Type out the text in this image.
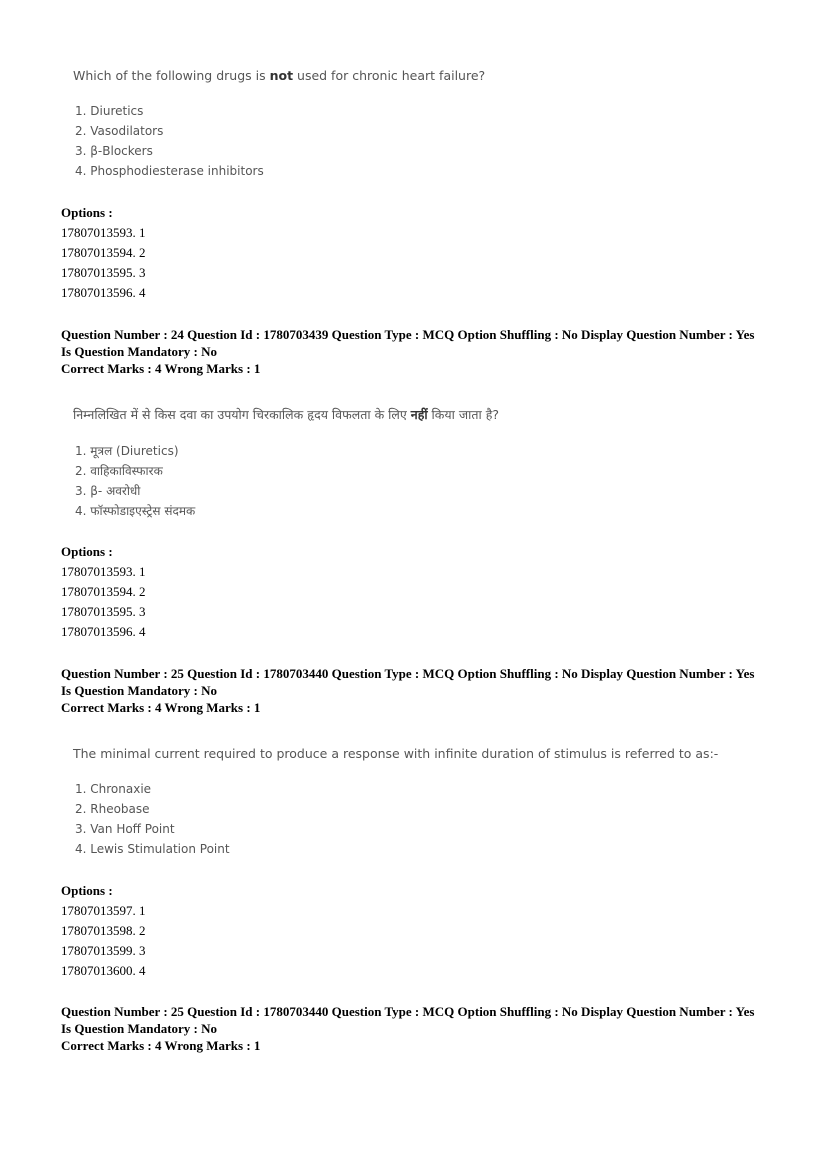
Which of the following drugs is not used for chronic heart failure?
1. Diuretics
2. Vasodilators
3. β-Blockers
4. Phosphodiesterase inhibitors
Options :
17807013593. 1
17807013594. 2
17807013595. 3
17807013596. 4
Question Number : 24 Question Id : 1780703439 Question Type : MCQ Option Shuffling : No Display Question Number : Yes
Is Question Mandatory : No
Correct Marks : 4 Wrong Marks : 1
निम्नलिखित में से किस दवा का उपयोग चिरकालिक हृदय विफलता के लिए नहीं किया जाता है?
1. मूत्रल (Diuretics)
2. वाहिकाविस्फारक
3. β- अवरोधी
4. फॉस्फोडाइएस्ट्रेस संदमक
Options :
17807013593. 1
17807013594. 2
17807013595. 3
17807013596. 4
Question Number : 25 Question Id : 1780703440 Question Type : MCQ Option Shuffling : No Display Question Number : Yes
Is Question Mandatory : No
Correct Marks : 4 Wrong Marks : 1
The minimal current required to produce a response with infinite duration of stimulus is referred to as:-
1. Chronaxie
2. Rheobase
3. Van Hoff Point
4. Lewis Stimulation Point
Options :
17807013597. 1
17807013598. 2
17807013599. 3
17807013600. 4
Question Number : 25 Question Id : 1780703440 Question Type : MCQ Option Shuffling : No Display Question Number : Yes
Is Question Mandatory : No
Correct Marks : 4 Wrong Marks : 1
